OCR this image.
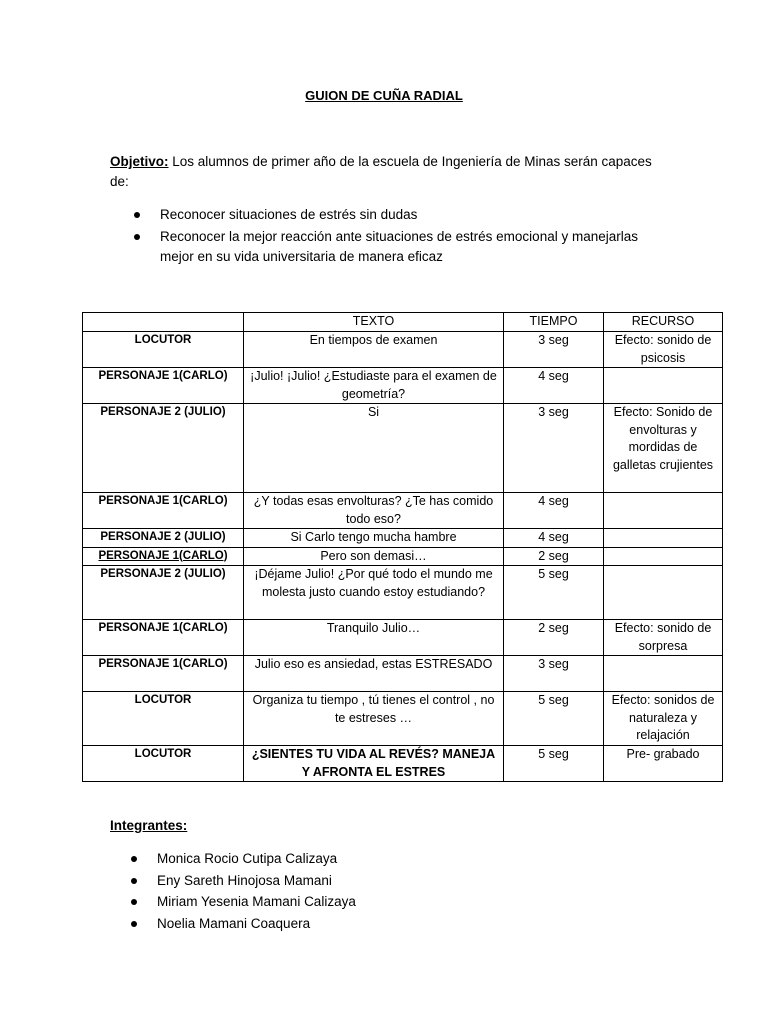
GUION DE CUÑA RADIAL
Objetivo: Los alumnos de primer año de la escuela de Ingeniería de Minas serán capaces de:
Reconocer situaciones de estrés sin dudas
Reconocer la mejor reacción ante situaciones de estrés emocional y manejarlas mejor en su vida universitaria de manera eficaz
	TEXTO	TIEMPO	RECURSO
LOCUTOR	En tiempos de examen	3 seg	Efecto: sonido de psicosis
PERSONAJE 1(CARLO)	¡Julio! ¡Julio! ¿Estudiaste para el examen de geometría?	4 seg	
PERSONAJE 2 (JULIO)	Si	3 seg	Efecto: Sonido de envolturas y mordidas de galletas crujientes
PERSONAJE 1(CARLO)	¿Y todas esas envolturas? ¿Te has comido todo eso?	4 seg	
PERSONAJE 2 (JULIO)	Si Carlo tengo mucha hambre	4 seg	
PERSONAJE 1(CARLO)	Pero son demasi…	2 seg	
PERSONAJE 2 (JULIO)	¡Déjame Julio! ¿Por qué todo el mundo me molesta justo cuando estoy estudiando?	5 seg	
PERSONAJE 1(CARLO)	Tranquilo Julio…	2 seg	Efecto: sonido de sorpresa
PERSONAJE 1(CARLO)	Julio eso es ansiedad, estas ESTRESADO	3 seg	
LOCUTOR	Organiza tu tiempo , tú tienes el control , no te estreses …	5 seg	Efecto: sonidos de naturaleza y relajación
LOCUTOR	¿SIENTES TU VIDA AL REVÉS? MANEJA Y AFRONTA EL ESTRES	5 seg	Pre- grabado
Integrantes:
Monica Rocio Cutipa Calizaya
Eny Sareth Hinojosa Mamani
Miriam Yesenia Mamani Calizaya
Noelia Mamani Coaquera
